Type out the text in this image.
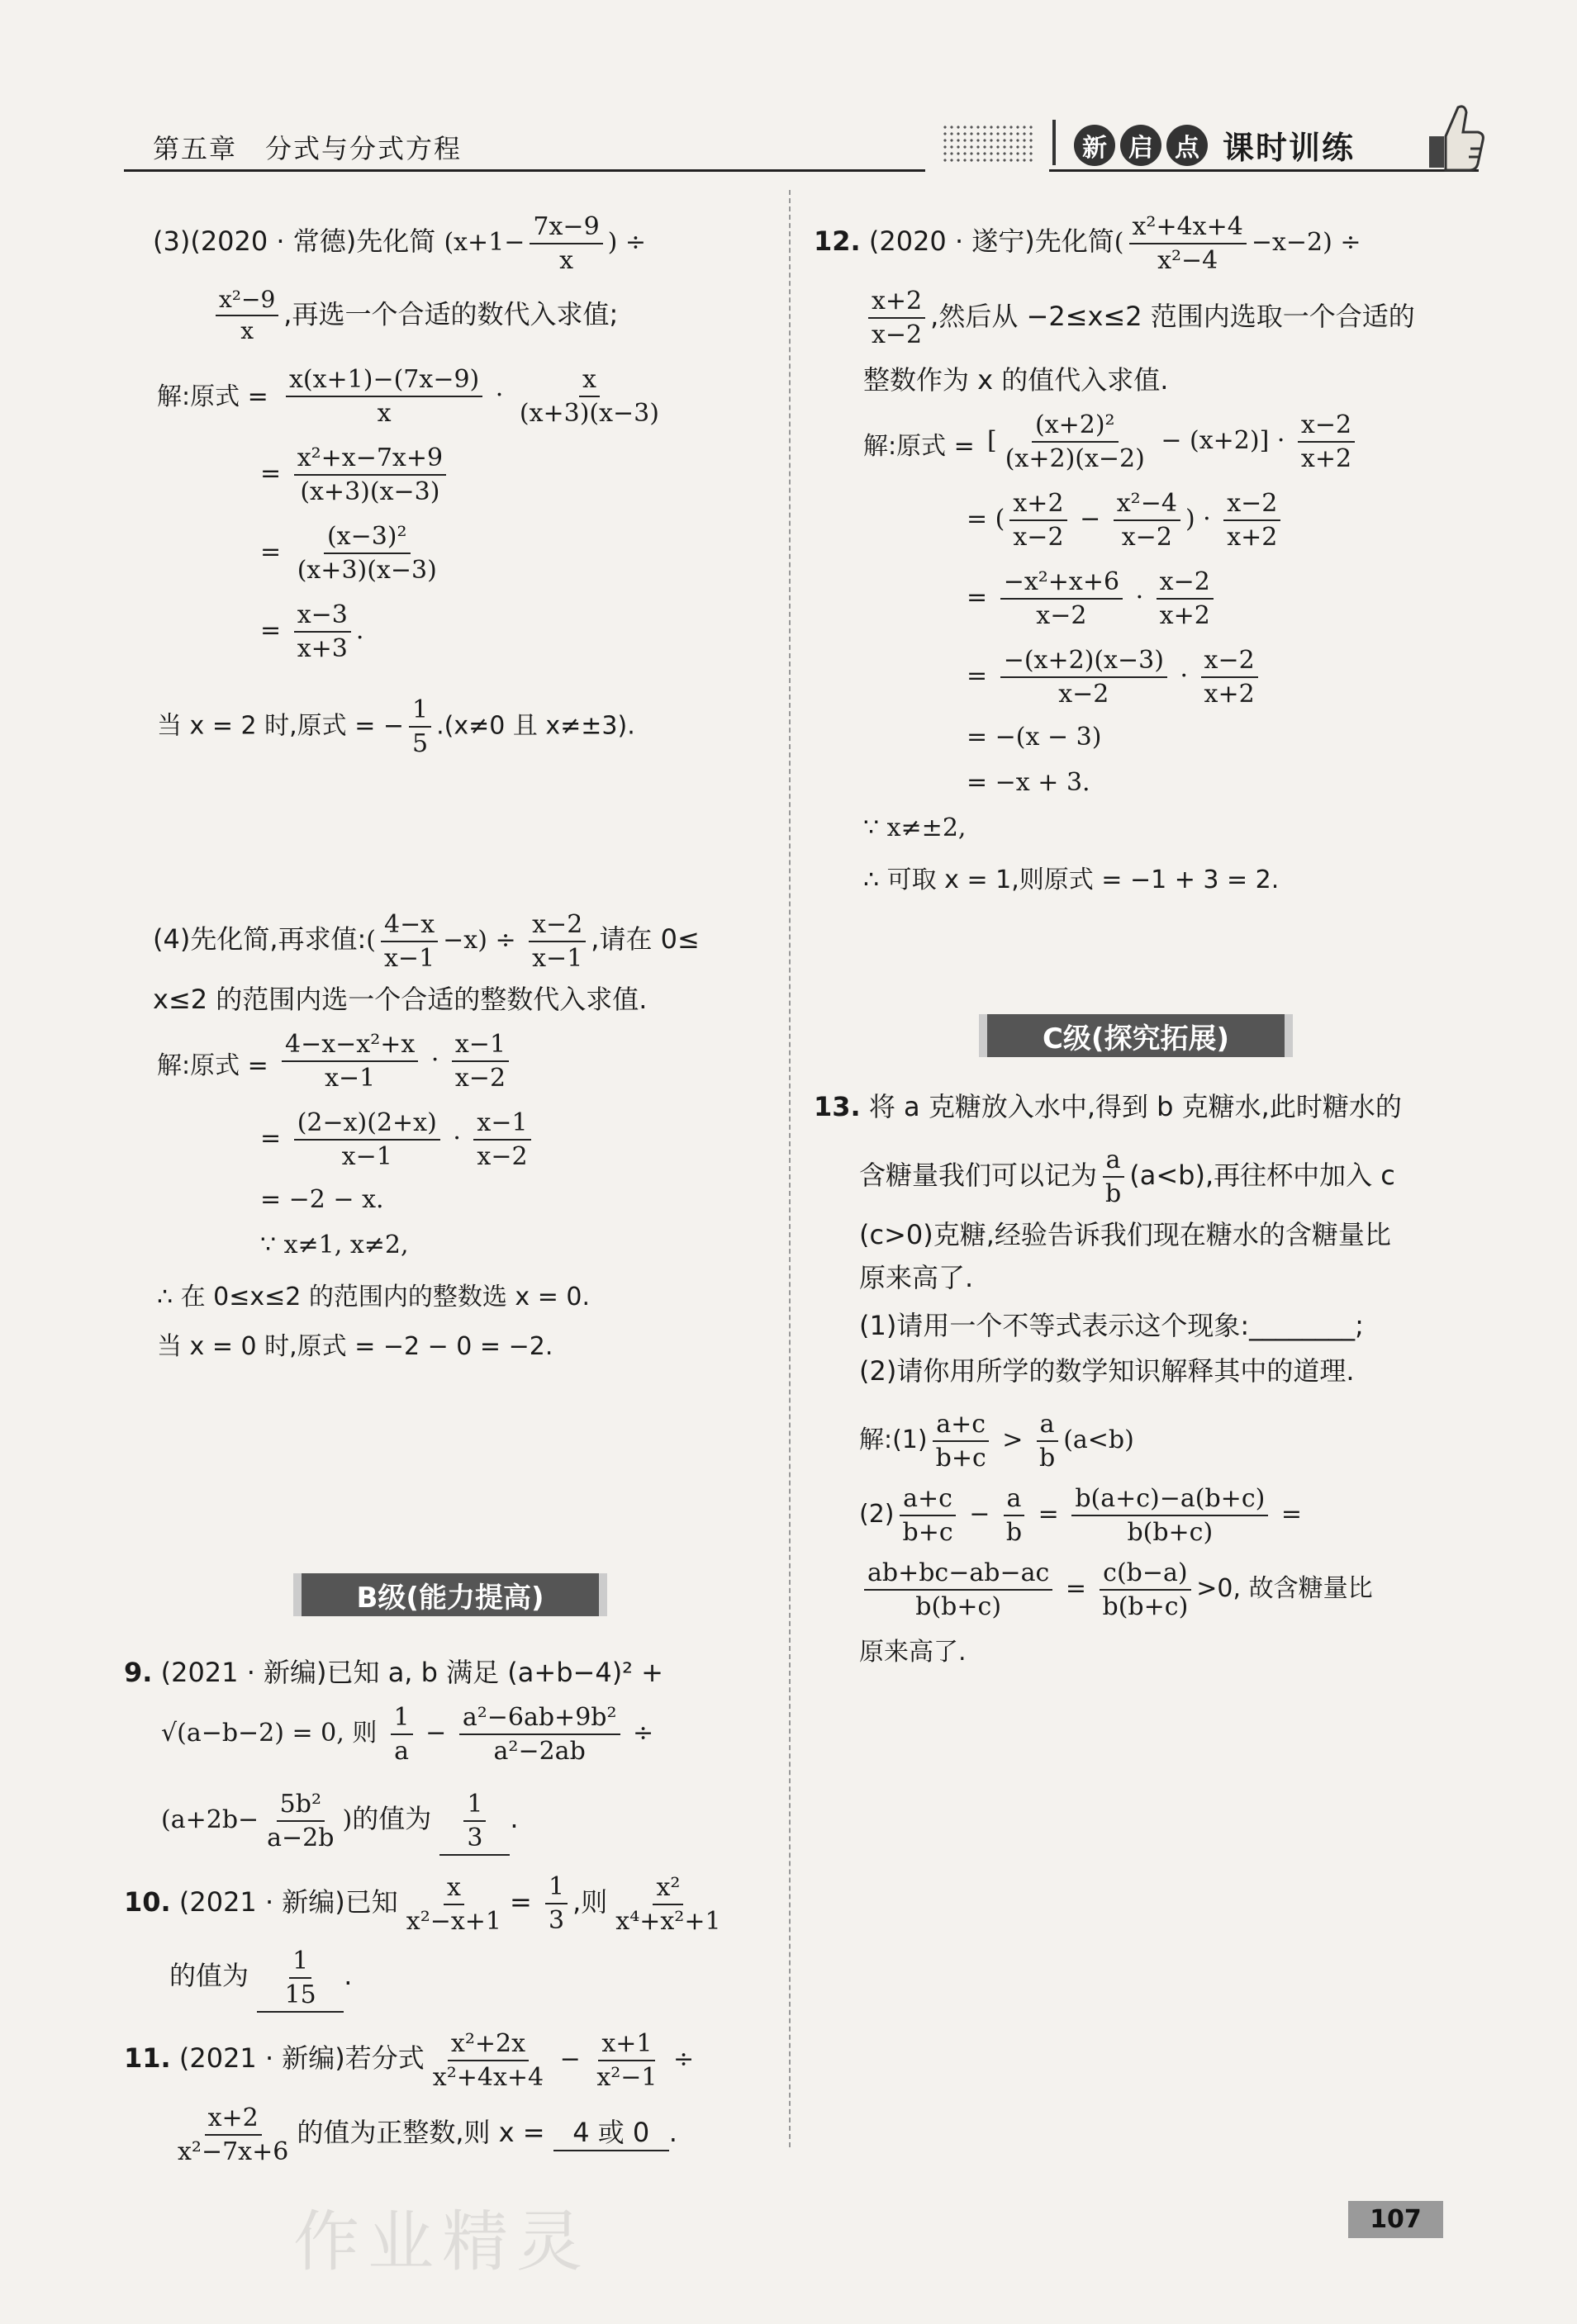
第五章　分式与分式方程	新 启 点 课时训练
(3)(2020 · 常德)先化简 ($x+1- \frac{7x-9}{x}$ ) ÷
$\frac{\text{x²−9}}{x}$ ,再选一个合适的数代入求值;
解:原式 = $\frac{x(x+1)-(7x-9)}{x} \cdot \frac{x}{(x+3)(x-3)}$
= $\frac{\text{x²+x−7x+9}}{(x+3)(x-3)}$
= $\frac{\text{(x−3)²}}{(x+3)(x-3)}$
= $\frac{x-3}{x+3}$ .
当 x = 2 时,原式 = − $\frac{1}{5} .(x\ne 0$ 且 x≠±3).
(4)先化简,再求值:( $\frac{4-x}{x-1} -x) \div \frac{x-2}{x-1}$ ,请在 0≤
x≤2 的范围内选一个合适的整数代入求值.
解:原式 = $\frac{\text{4−x−x²+x}}{x-1} \cdot \frac{x-1}{x-2}$
= $\frac{(2-x)(2+x)}{x-1} \cdot \frac{x-1}{x-2}$
= −2 − x.
∵ x≠1, x≠2,
∴ 在 0≤x≤2 的范围内的整数选 x = 0.
当 x = 0 时,原式 = −2 − 0 = −2.
B级(能力提高)
9. (2021 · 新编)已知 a, b 满足 (a+b−4)² +
√(a−b−2) = 0, 则 $\frac{1}{a} - \frac{\text{a²−6ab+9b²}}{\text{a²−2ab}}$ ÷
($a+2b- \frac{\text{5b²}}{a-2b}$ )的值为 $\frac{1}{3}$ .
10. (2021 · 新编)已知 $\frac{x}{\text{x²−x+1}} = \frac{1}{3}$ ,则 $\frac{\text{x²}}{\text{x⁴+x²+1}}$
的值为 $\frac{1}{15}$ .
11. (2021 · 新编)若分式 $\frac{\text{x²+2x}}{\text{x²+4x+4}} - \frac{x+1}{\text{x²−1}}$ ÷
$\frac{x+2}{\text{x²−7x+6}}$ 的值为正整数,则 x = 4 或 0 .
12. (2020 · 遂宁)先化简( $\frac{\text{x²+4x+4}}{\text{x²−4}} -x-2$) ÷
$\frac{x+2}{x-2}$ ,然后从 −2≤x≤2 范围内选取一个合适的
整数作为 x 的值代入求值.
解:原式 = [ $\frac{\text{(x+2)²}}{(x+2)(x-2)} - (x+2)] \cdot \frac{x-2}{x+2}$
= ( $\frac{x+2}{x-2} - \frac{\text{x²−4}}{x-2}$ ) · $\frac{x-2}{x+2}$
= $\frac{\text{−x²+x+6}}{x-2} \cdot \frac{x-2}{x+2}$
= $\frac{-(x+2)(x-3)}{x-2} \cdot \frac{x-2}{x+2}$
= −(x − 3)
= −x + 3.
∵ x≠±2,
∴ 可取 x = 1,则原式 = −1 + 3 = 2.
C级(探究拓展)
13. 将 a 克糖放入水中,得到 b 克糖水,此时糖水的
含糖量我们可以记为 $\frac{a}{b} (a<b)$,再往杯中加入 c
(c>0)克糖,经验告诉我们现在糖水的含糖量比
原来高了.
(1)请用一个不等式表示这个现象:________;
(2)请你用所学的数学知识解释其中的道理.
解:(1) $\frac{a+c}{b+c} > \frac{a}{b} (a<b)$
$(2) \frac{a+c}{b+c} - \frac{a}{b} = \frac{b(a+c)-a(b+c)}{b(b+c)}$ =
$\frac{ab+bc-ab-ac}{b(b+c)} = \frac{c(b-a)}{b(b+c)} >0$, 故含糖量比
原来高了.
107
作业精灵
